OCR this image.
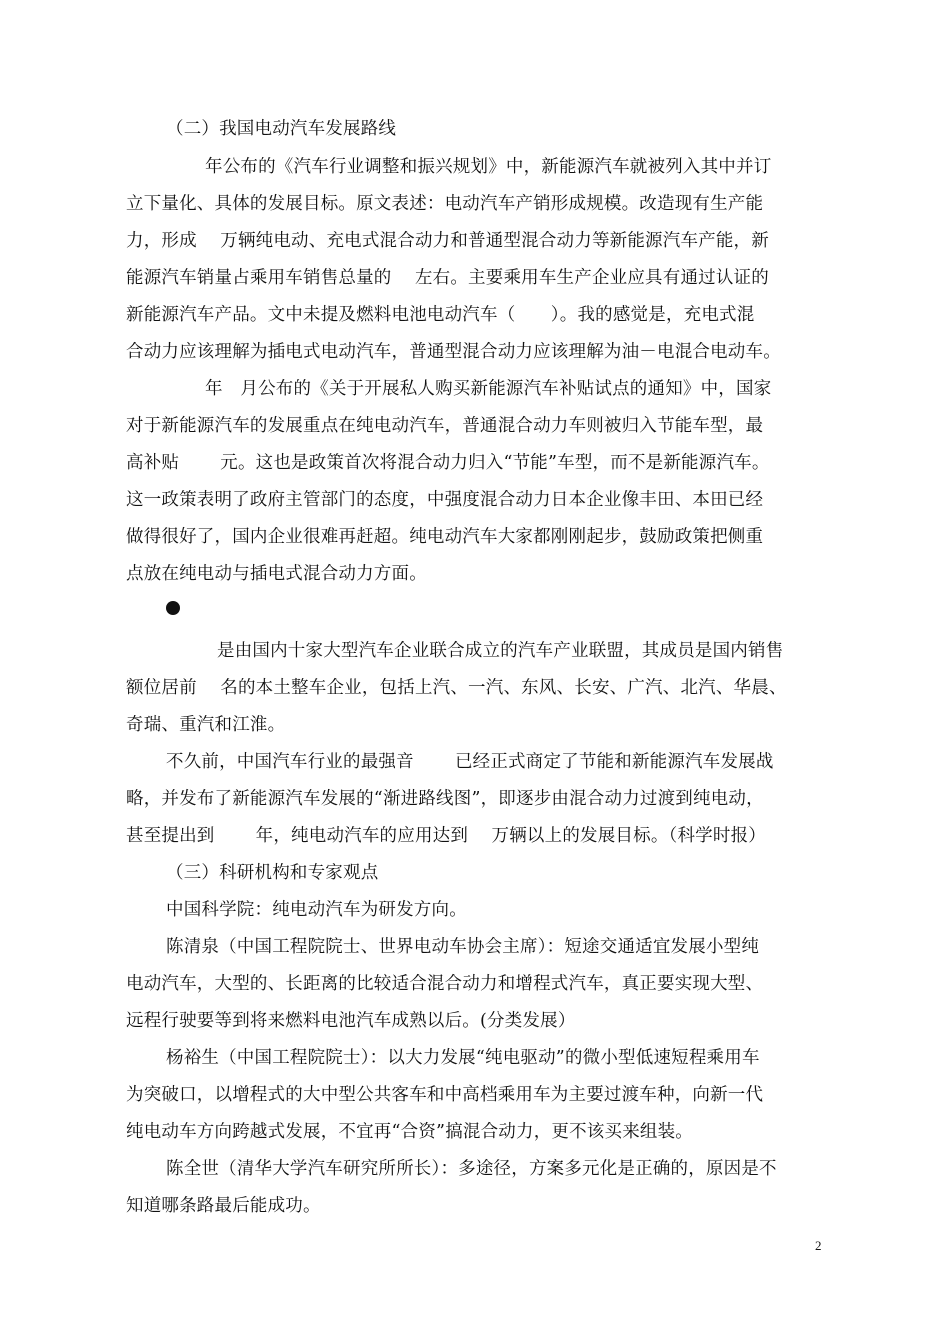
（二）我国电动汽车发展路线
年公布的《汽车行业调整和振兴规划》中，新能源汽车就被列入其中并订
立下量化、具体的发展目标。原文表述：电动汽车产销形成规模。改造现有生产能
力，形成　 万辆纯电动、充电式混合动力和普通型混合动力等新能源汽车产能，新
能源汽车销量占乘用车销售总量的　 左右。主要乘用车生产企业应具有通过认证的
新能源汽车产品。文中未提及燃料电池电动汽车（　　）。我的感觉是，充电式混
合动力应该理解为插电式电动汽车，普通型混合动力应该理解为油－电混合电动车。
年　月公布的《关于开展私人购买新能源汽车补贴试点的通知》中，国家
对于新能源汽车的发展重点在纯电动汽车，普通混合动力车则被归入节能车型，最
高补贴　　 元。这也是政策首次将混合动力归入“节能”车型，而不是新能源汽车。
这一政策表明了政府主管部门的态度，中强度混合动力日本企业像丰田、本田已经
做得很好了，国内企业很难再赶超。纯电动汽车大家都刚刚起步，鼓励政策把侧重
点放在纯电动与插电式混合动力方面。
是由国内十家大型汽车企业联合成立的汽车产业联盟，其成员是国内销售
额位居前　 名的本土整车企业，包括上汽、一汽、东风、长安、广汽、北汽、华晨、
奇瑞、重汽和江淮。
不久前，中国汽车行业的最强音　　 已经正式商定了节能和新能源汽车发展战
略，并发布了新能源汽车发展的“渐进路线图”，即逐步由混合动力过渡到纯电动，
甚至提出到　　 年，纯电动汽车的应用达到　 万辆以上的发展目标。（科学时报）
（三）科研机构和专家观点
中国科学院：纯电动汽车为研发方向。
陈清泉（中国工程院院士、世界电动车协会主席）：短途交通适宜发展小型纯
电动汽车，大型的、长距离的比较适合混合动力和增程式汽车，真正要实现大型、
远程行驶要等到将来燃料电池汽车成熟以后。(分类发展）
杨裕生（中国工程院院士）：以大力发展“纯电驱动”的微小型低速短程乘用车
为突破口，以增程式的大中型公共客车和中高档乘用车为主要过渡车种，向新一代
纯电动车方向跨越式发展，不宜再“合资”搞混合动力，更不该买来组装。
陈全世（清华大学汽车研究所所长）：多途径，方案多元化是正确的，原因是不
知道哪条路最后能成功。
2
